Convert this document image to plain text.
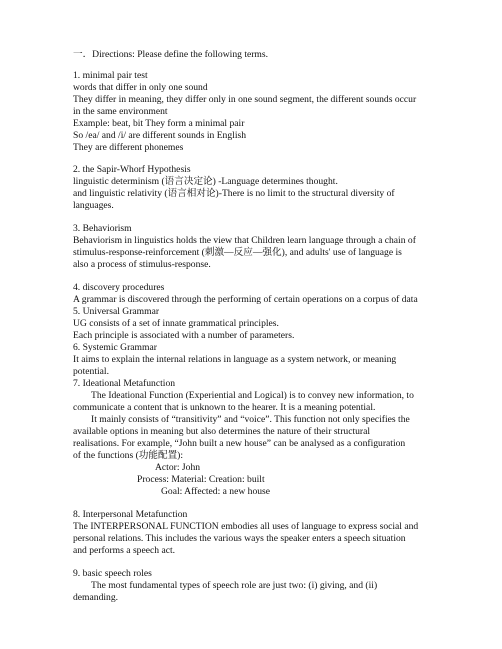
一．Directions: Please define the following terms.
1. minimal pair test
words that differ in only one sound
They differ in meaning, they differ only in one sound segment, the different sounds occur
in the same environment
Example: beat, bit They form a minimal pair
So /ea/ and /i/ are different sounds in English
They are different phonemes
2. the Sapir-Whorf Hypothesis
linguistic determinism (语言决定论) -Language determines thought.
and linguistic relativity (语言相对论)-There is no limit to the structural diversity of
languages.
3. Behaviorism
Behaviorism in linguistics holds the view that Children learn language through a chain of
stimulus-response-reinforcement (刺激—反应—强化), and adults' use of language is
also a process of stimulus-response.
4. discovery procedures
A grammar is discovered through the performing of certain operations on a corpus of data
5. Universal Grammar
UG consists of a set of innate grammatical principles.
Each principle is associated with a number of parameters.
6. Systemic Grammar
It aims to explain the internal relations in language as a system network, or meaning
potential.
7. Ideational Metafunction
The Ideational Function (Experiential and Logical) is to convey new information, to
communicate a content that is unknown to the hearer. It is a meaning potential.
It mainly consists of “transitivity” and “voice”. This function not only specifies the
available options in meaning but also determines the nature of their structural
realisations. For example, “John built a new house” can be analysed as a configuration
of the functions (功能配置):
Actor: John
Process: Material: Creation: built
Goal: Affected: a new house
8. Interpersonal Metafunction
The INTERPERSONAL FUNCTION embodies all uses of language to express social and
personal relations. This includes the various ways the speaker enters a speech situation
and performs a speech act.
9. basic speech roles
The most fundamental types of speech role are just two: (i) giving, and (ii)
demanding.
